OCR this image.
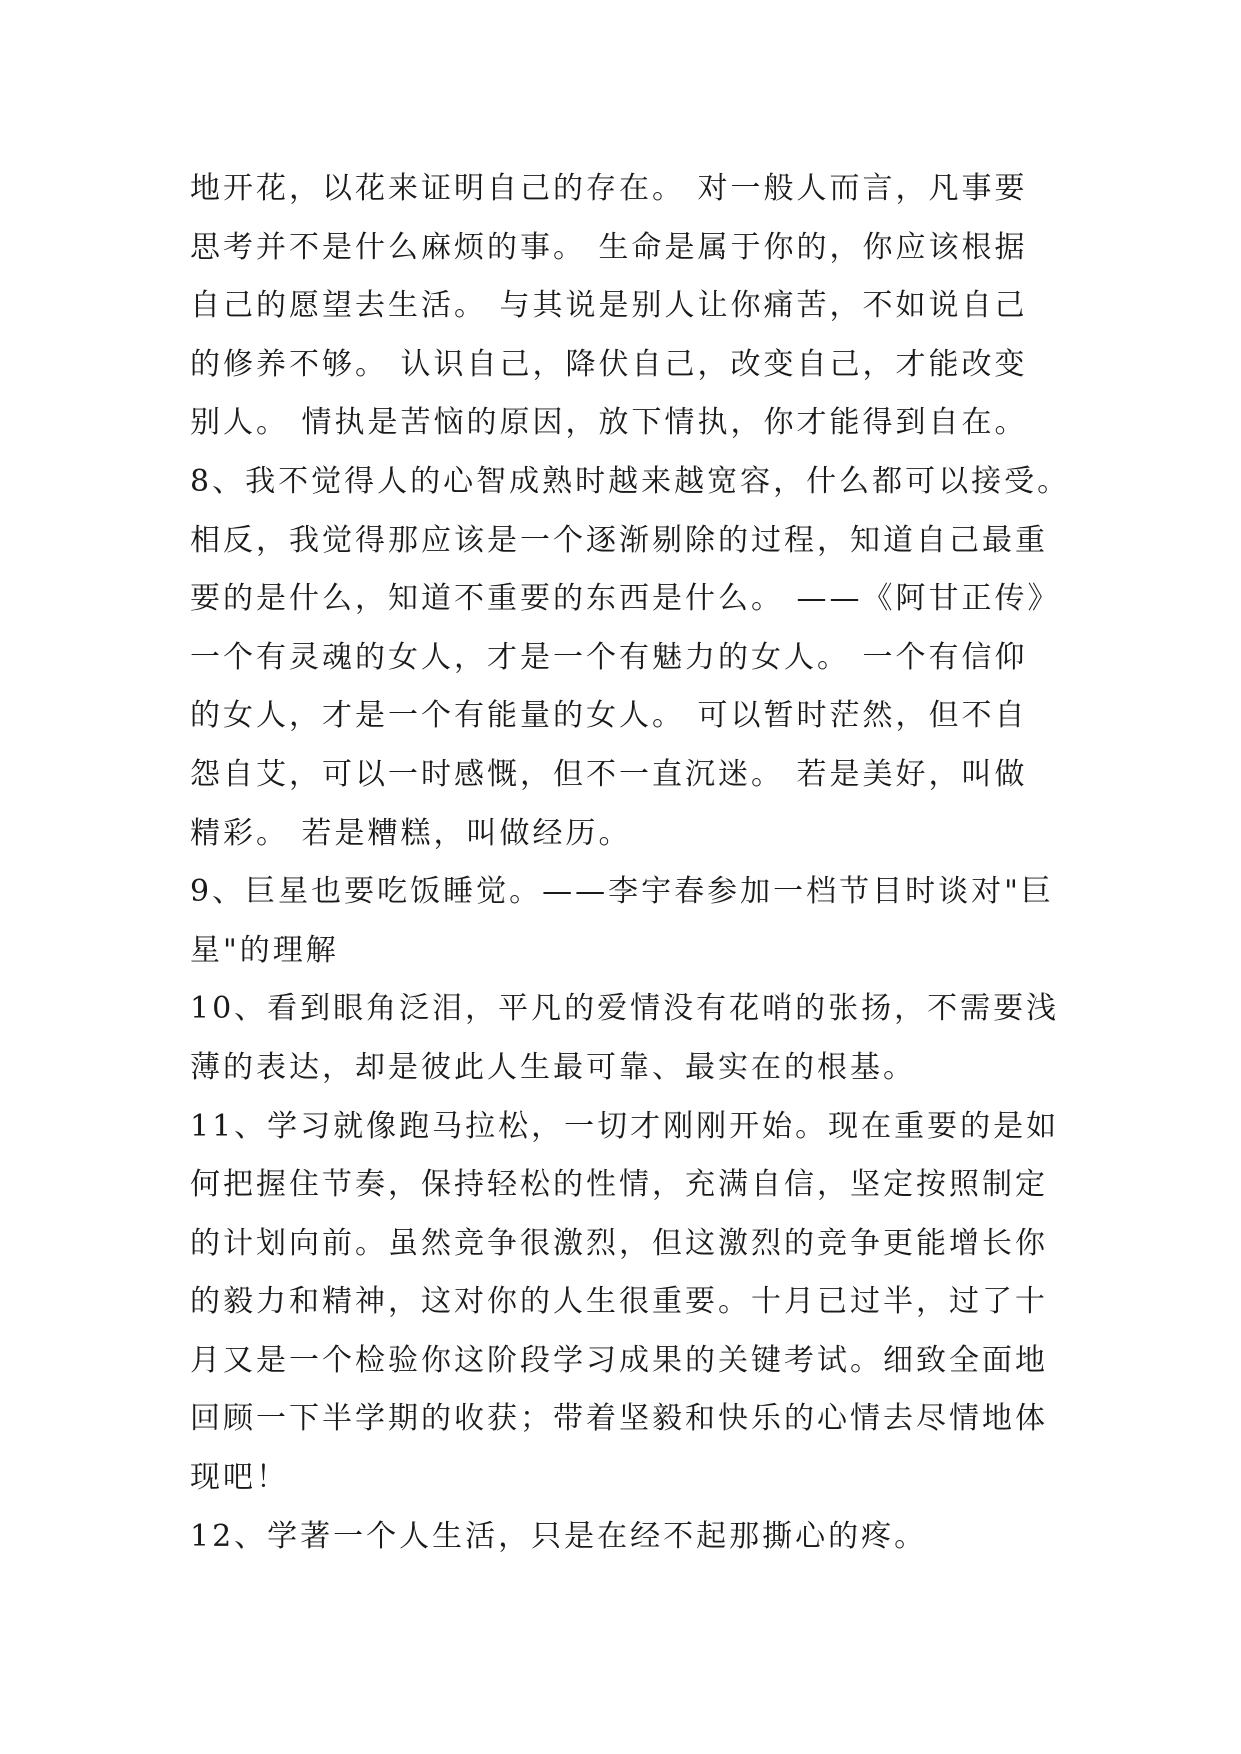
地开花，以花来证明自己的存在。 对一般人而言，凡事要
思考并不是什么麻烦的事。 生命是属于你的，你应该根据
自己的愿望去生活。 与其说是别人让你痛苦，不如说自己
的修养不够。 认识自己，降伏自己，改变自己，才能改变
别人。 情执是苦恼的原因，放下情执，你才能得到自在。
8、我不觉得人的心智成熟时越来越宽容，什么都可以接受。
相反，我觉得那应该是一个逐渐剔除的过程，知道自己最重
要的是什么，知道不重要的东西是什么。 ——《阿甘正传》
一个有灵魂的女人，才是一个有魅力的女人。 一个有信仰
的女人，才是一个有能量的女人。 可以暂时茫然，但不自
怨自艾，可以一时感慨，但不一直沉迷。 若是美好，叫做
精彩。 若是糟糕，叫做经历。
9、巨星也要吃饭睡觉。——李宇春参加一档节目时谈对"巨
星"的理解
10、看到眼角泛泪，平凡的爱情没有花哨的张扬，不需要浅
薄的表达，却是彼此人生最可靠、最实在的根基。
11、学习就像跑马拉松，一切才刚刚开始。现在重要的是如
何把握住节奏，保持轻松的性情，充满自信，坚定按照制定
的计划向前。虽然竞争很激烈，但这激烈的竞争更能增长你
的毅力和精神，这对你的人生很重要。十月已过半，过了十
月又是一个检验你这阶段学习成果的关键考试。细致全面地
回顾一下半学期的收获；带着坚毅和快乐的心情去尽情地体
现吧！
12、学著一个人生活，只是在经不起那撕心的疼。
